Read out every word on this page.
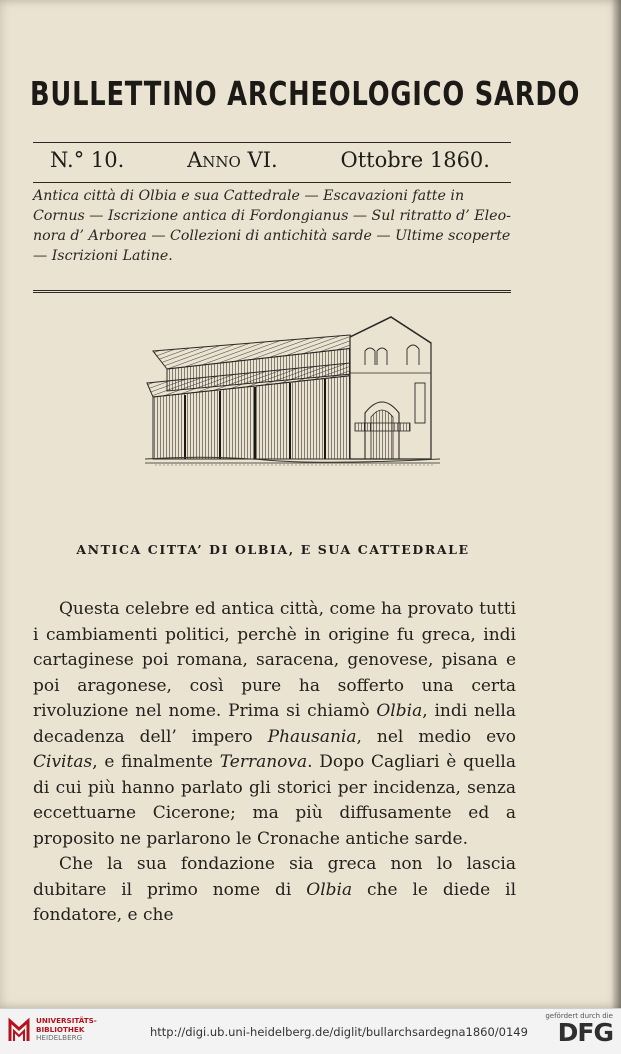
BULLETTINO ARCHEOLOGICO SARDO
N.° 10.	Anno VI.	Ottobre 1860.
Antica città di Olbia e sua Cattedrale — Escavazioni fatte in
Cornus — Iscrizione antica di Fordongianus — Sul ritratto d’ Eleo-
nora d’ Arborea — Collezioni di antichità sarde — Ultime scoperte
— Iscrizioni Latine.
ANTICA CITTA’ DI OLBIA, E SUA CATTEDRALE

Questa celebre ed antica città, come ha provato tutti i cambiamenti politici, perchè in origine fu greca, indi cartaginese poi romana, saracena, genovese, pisana e poi aragonese, così pure ha sofferto una certa rivoluzione nel nome. Prima si chiamò Olbia, indi nella decadenza dell’ impero Phausania, nel medio evo Civitas, e finalmente Terranova. Dopo Cagliari è quella di cui più hanno parlato gli storici per incidenza, senza eccettuarne Cicerone; ma più diffusamente ed a proposito ne parlarono le Cronache antiche sarde.

Che la sua fondazione sia greca non lo lascia dubitare il primo nome di Olbia che le diede il fondatore, e che

UNIVERSITÄTS-
BIBLIOTHEK
HEIDELBERG	http://digi.ub.uni-heidelberg.de/diglit/bullarchsardegna1860/0149
gefördert durch die
DFG
